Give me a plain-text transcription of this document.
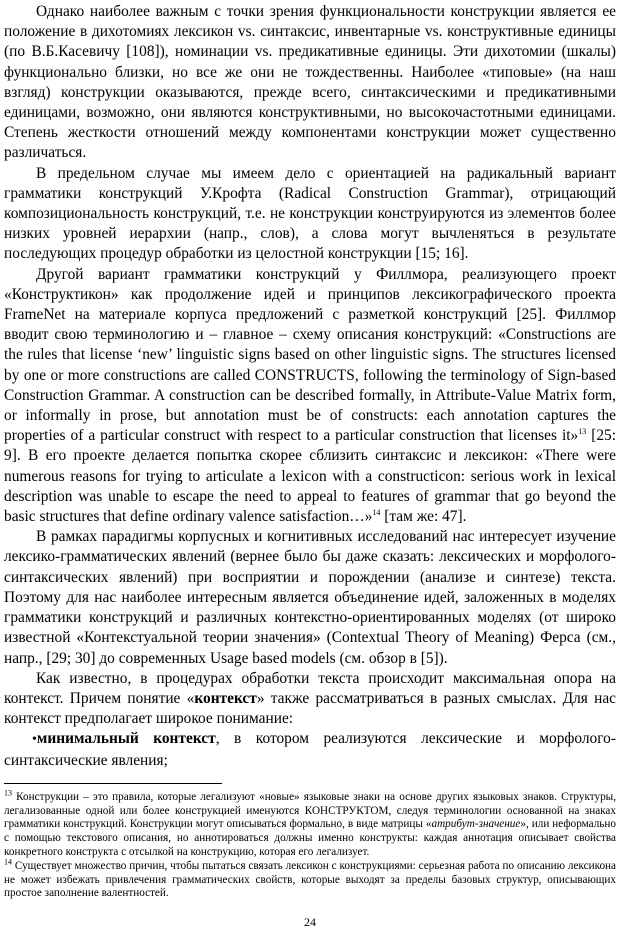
Однако наиболее важным с точки зрения функциональности конструкции является ее положение в дихотомиях лексикон vs. синтаксис, инвентарные vs. конструктивные единицы (по В.Б.Касевичу [108]), номинации vs. предикативные единицы. Эти дихотомии (шкалы) функционально близки, но все же они не тождественны. Наиболее «типовые» (на наш взгляд) конструкции оказываются, прежде всего, синтаксическими и предикативными единицами, возможно, они являются конструктивными, но высокочастотными единицами. Степень жесткости отношений между компонентами конструкции может существенно различаться.

В предельном случае мы имеем дело с ориентацией на радикальный вариант грамматики конструкций У.Крофта (Radical Construction Grammar), отрицающий композициональность конструкций, т.е. не конструкции конструируются из элементов более низких уровней иерархии (напр., слов), а слова могут вычленяться в результате последующих процедур обработки из целостной конструкции [15; 16].

Другой вариант грамматики конструкций у Филлмора, реализующего проект «Конструктикон» как продолжение идей и принципов лексикографического проекта FrameNet на материале корпуса предложений с разметкой конструкций [25]. Филлмор вводит свою терминологию и – главное – схему описания конструкций: «Constructions are the rules that license ‘new’ linguistic signs based on other linguistic signs. The structures licensed by one or more constructions are called CONSTRUCTS, following the terminology of Sign-based Construction Grammar. A construction can be described formally, in Attribute-Value Matrix form, or informally in prose, but annotation must be of constructs: each annotation captures the properties of a particular construct with respect to a particular construction that licenses it»$^{13}$ [25: 9]. В его проекте делается попытка скорее сблизить синтаксис и лексикон: «There were numerous reasons for trying to articulate a lexicon with a constructicon: serious work in lexical description was unable to escape the need to appeal to features of grammar that go beyond the basic structures that define ordinary valence satisfaction…»$^{14}$ [там же: 47].

В рамках парадигмы корпусных и когнитивных исследований нас интересует изучение лексико-грамматических явлений (вернее было бы даже сказать: лексических и морфолого-синтаксических явлений) при восприятии и порождении (анализе и синтезе) текста. Поэтому для нас наиболее интересным является объединение идей, заложенных в моделях грамматики конструкций и различных контекстно-ориентированных моделях (от широко известной «Контекстуальной теории значения» (Contextual Theory of Meaning) Ферса (см., напр., [29; 30] до современных Usage based models (см. обзор в [5]).

Как известно, в процедурах обработки текста происходит максимальная опора на контекст. Причем понятие «контекст» также рассматриваться в разных смыслах. Для нас контекст предполагает широкое понимание:

•минимальный контекст, в котором реализуются лексические и морфолого-синтаксические явления;

$^{13}$ Конструкции – это правила, которые легализуют «новые» языковые знаки на основе других языковых знаков. Структуры, легализованные одной или более конструкцией именуются КОНСТРУКТОМ, следуя терминологии основанной на знаках грамматики конструкций. Конструкции могут описываться формально, в виде матрицы «атрибут-значение», или неформально с помощью текстового описания, но аннотироваться должны именно конструкты: каждая аннотация описывает свойства конкретного конструкта с отсылкой на конструкцию, которая его легализует.

$^{14}$ Существует множество причин, чтобы пытаться связать лексикон с конструкциями: серьезная работа по описанию лексикона не может избежать привлечения грамматических свойств, которые выходят за пределы базовых структур, описывающих простое заполнение валентностей.

24
